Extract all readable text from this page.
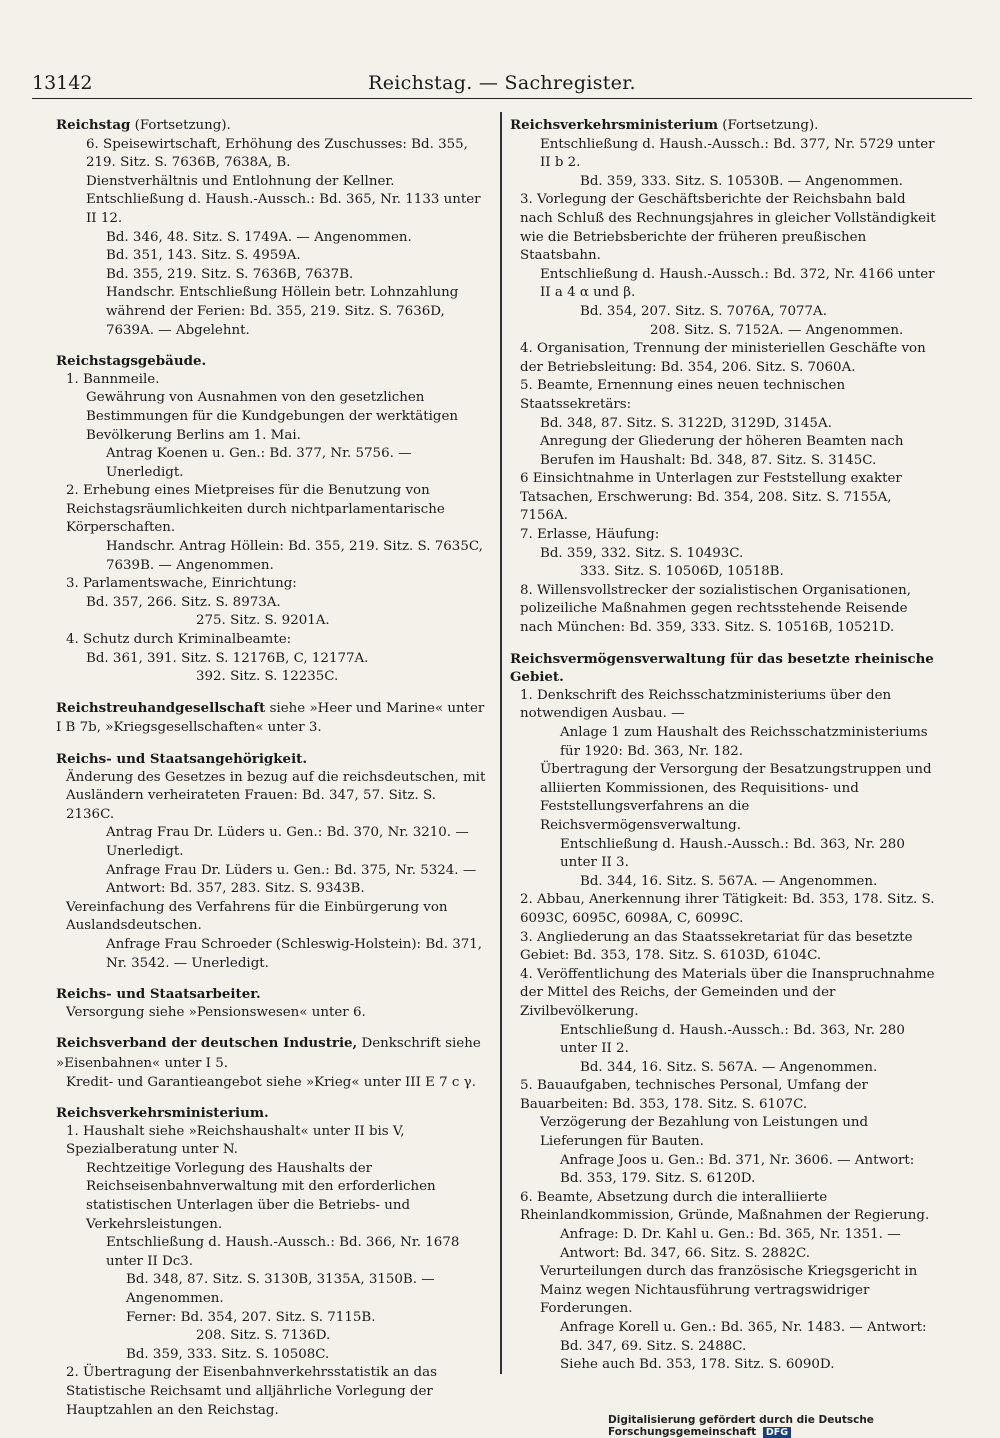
13142	Reichstag. — Sachregister.

Reichstag (Fortsetzung).

6. Speisewirtschaft, Erhöhung des Zuschusses: Bd. 355, 219. Sitz. S. 7636B, 7638A, B.

Dienstverhältnis und Entlohnung der Kellner.

Entschließung d. Haush.-Aussch.: Bd. 365, Nr. 1133 unter II 12.

Bd. 346, 48. Sitz. S. 1749A. — Angenommen.

Bd. 351, 143. Sitz. S. 4959A.

Bd. 355, 219. Sitz. S. 7636B, 7637B.

Handschr. Entschließung Höllein betr. Lohnzahlung während der Ferien: Bd. 355, 219. Sitz. S. 7636D, 7639A. — Abgelehnt.

Reichstagsgebäude.

1. Bannmeile.

Gewährung von Ausnahmen von den gesetzlichen Bestimmungen für die Kundgebungen der werktätigen Bevölkerung Berlins am 1. Mai.

Antrag Koenen u. Gen.: Bd. 377, Nr. 5756. — Unerledigt.

2. Erhebung eines Mietpreises für die Benutzung von Reichstagsräumlichkeiten durch nichtparlamentarische Körperschaften.

Handschr. Antrag Höllein: Bd. 355, 219. Sitz. S. 7635C, 7639B. — Angenommen.

3. Parlamentswache, Einrichtung:

Bd. 357, 266. Sitz. S. 8973A.

275. Sitz. S. 9201A.

4. Schutz durch Kriminalbeamte:

Bd. 361, 391. Sitz. S. 12176B, C, 12177A.

392. Sitz. S. 12235C.

Reichstreuhandgesellschaft siehe »Heer und Marine« unter I B 7b, »Kriegsgesellschaften« unter 3.

Reichs- und Staatsangehörigkeit.

Änderung des Gesetzes in bezug auf die reichsdeutschen, mit Ausländern verheirateten Frauen: Bd. 347, 57. Sitz. S. 2136C.

Antrag Frau Dr. Lüders u. Gen.: Bd. 370, Nr. 3210. — Unerledigt.

Anfrage Frau Dr. Lüders u. Gen.: Bd. 375, Nr. 5324. — Antwort: Bd. 357, 283. Sitz. S. 9343B.

Vereinfachung des Verfahrens für die Einbürgerung von Auslandsdeutschen.

Anfrage Frau Schroeder (Schleswig-Holstein): Bd. 371, Nr. 3542. — Unerledigt.

Reichs- und Staatsarbeiter.

Versorgung siehe »Pensionswesen« unter 6.

Reichsverband der deutschen Industrie, Denkschrift siehe »Eisenbahnen« unter I 5.

Kredit- und Garantieangebot siehe »Krieg« unter III E 7 c γ.

Reichsverkehrsministerium.

1. Haushalt siehe »Reichshaushalt« unter II bis V, Spezialberatung unter N.

Rechtzeitige Vorlegung des Haushalts der Reichseisenbahnverwaltung mit den erforderlichen statistischen Unterlagen über die Betriebs- und Verkehrsleistungen.

Entschließung d. Haush.-Aussch.: Bd. 366, Nr. 1678 unter II Dc3.

Bd. 348, 87. Sitz. S. 3130B, 3135A, 3150B. — Angenommen.

Ferner: Bd. 354, 207. Sitz. S. 7115B.

208. Sitz. S. 7136D.

Bd. 359, 333. Sitz. S. 10508C.

2. Übertragung der Eisenbahnverkehrsstatistik an das Statistische Reichsamt und alljährliche Vorlegung der Hauptzahlen an den Reichstag.

Reichsverkehrsministerium (Fortsetzung).

Entschließung d. Haush.-Aussch.: Bd. 377, Nr. 5729 unter II b 2.

Bd. 359, 333. Sitz. S. 10530B. — Angenommen.

3. Vorlegung der Geschäftsberichte der Reichsbahn bald nach Schluß des Rechnungsjahres in gleicher Vollständigkeit wie die Betriebsberichte der früheren preußischen Staatsbahn.

Entschließung d. Haush.-Aussch.: Bd. 372, Nr. 4166 unter II a 4 α und β.

Bd. 354, 207. Sitz. S. 7076A, 7077A.

208. Sitz. S. 7152A. — Angenommen.

4. Organisation, Trennung der ministeriellen Geschäfte von der Betriebsleitung: Bd. 354, 206. Sitz. S. 7060A.

5. Beamte, Ernennung eines neuen technischen Staatssekretärs:

Bd. 348, 87. Sitz. S. 3122D, 3129D, 3145A.

Anregung der Gliederung der höheren Beamten nach Berufen im Haushalt: Bd. 348, 87. Sitz. S. 3145C.

6 Einsichtnahme in Unterlagen zur Feststellung exakter Tatsachen, Erschwerung: Bd. 354, 208. Sitz. S. 7155A, 7156A.

7. Erlasse, Häufung:

Bd. 359, 332. Sitz. S. 10493C.

333. Sitz. S. 10506D, 10518B.

8. Willensvollstrecker der sozialistischen Organisationen, polizeiliche Maßnahmen gegen rechtsstehende Reisende nach München: Bd. 359, 333. Sitz. S. 10516B, 10521D.

Reichsvermögensverwaltung für das besetzte rheinische Gebiet.

1. Denkschrift des Reichsschatzministeriums über den notwendigen Ausbau. —

Anlage 1 zum Haushalt des Reichsschatzministeriums für 1920: Bd. 363, Nr. 182.

Übertragung der Versorgung der Besatzungstruppen und alliierten Kommissionen, des Requisitions- und Feststellungsverfahrens an die Reichsvermögensverwaltung.

Entschließung d. Haush.-Aussch.: Bd. 363, Nr. 280 unter II 3.

Bd. 344, 16. Sitz. S. 567A. — Angenommen.

2. Abbau, Anerkennung ihrer Tätigkeit: Bd. 353, 178. Sitz. S. 6093C, 6095C, 6098A, C, 6099C.

3. Angliederung an das Staatssekretariat für das besetzte Gebiet: Bd. 353, 178. Sitz. S. 6103D, 6104C.

4. Veröffentlichung des Materials über die Inanspruchnahme der Mittel des Reichs, der Gemeinden und der Zivilbevölkerung.

Entschließung d. Haush.-Aussch.: Bd. 363, Nr. 280 unter II 2.

Bd. 344, 16. Sitz. S. 567A. — Angenommen.

5. Bauaufgaben, technisches Personal, Umfang der Bauarbeiten: Bd. 353, 178. Sitz. S. 6107C.

Verzögerung der Bezahlung von Leistungen und Lieferungen für Bauten.

Anfrage Joos u. Gen.: Bd. 371, Nr. 3606. — Antwort: Bd. 353, 179. Sitz. S. 6120D.

6. Beamte, Absetzung durch die interalliierte Rheinlandkommission, Gründe, Maßnahmen der Regierung.

Anfrage: D. Dr. Kahl u. Gen.: Bd. 365, Nr. 1351. — Antwort: Bd. 347, 66. Sitz. S. 2882C.

Verurteilungen durch das französische Kriegsgericht in Mainz wegen Nichtausführung vertragswidriger Forderungen.

Anfrage Korell u. Gen.: Bd. 365, Nr. 1483. — Antwort: Bd. 347, 69. Sitz. S. 2488C.

Siehe auch Bd. 353, 178. Sitz. S. 6090D.

Digitalisierung gefördert durch die Deutsche Forschungsgemeinschaft DFG
